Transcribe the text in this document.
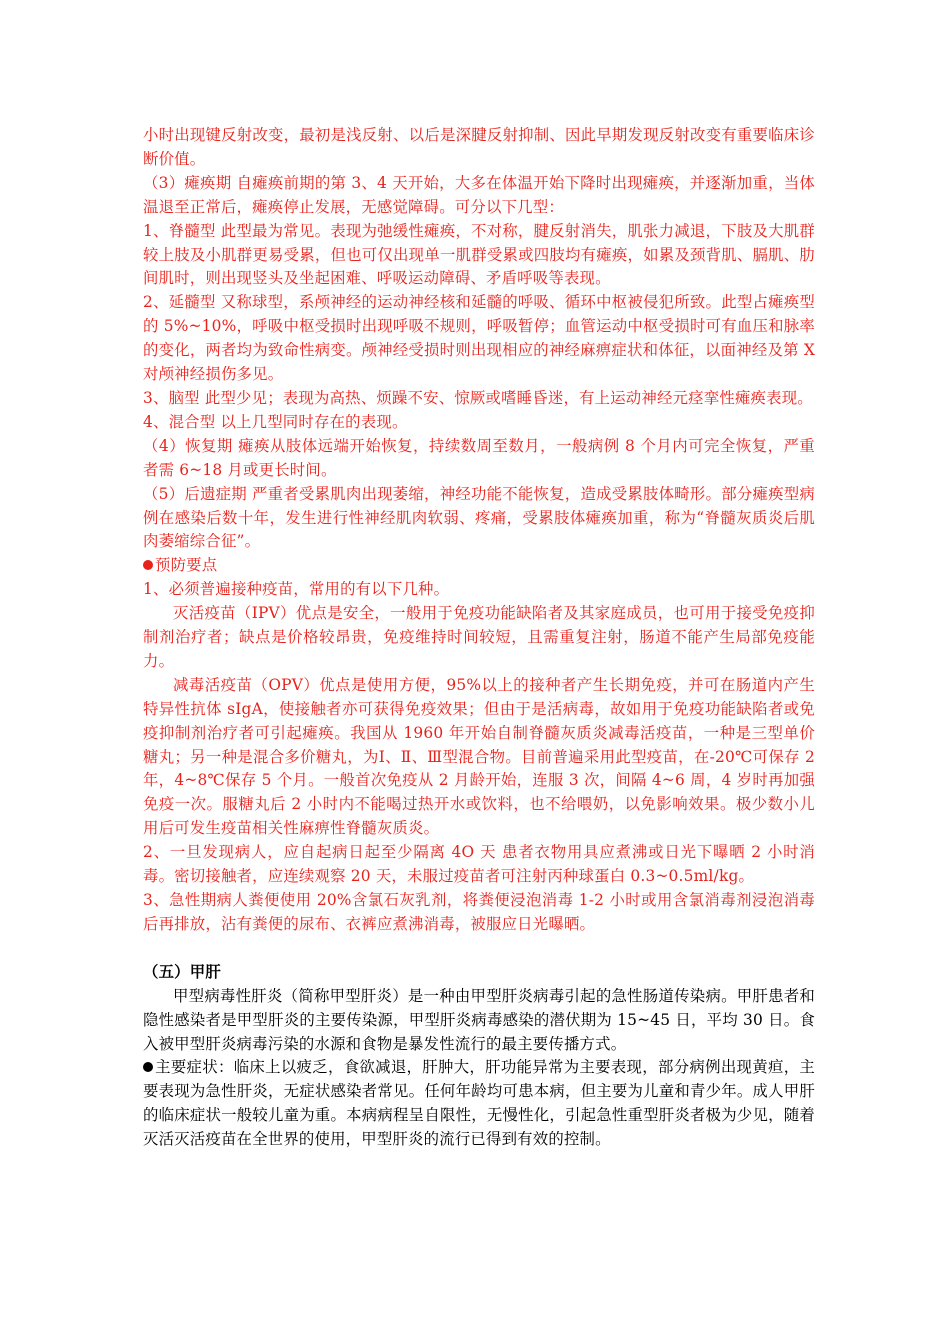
小时出现键反射改变，最初是浅反射、以后是深腱反射抑制、因此早期发现反射改变有重要临床诊断价值。

（3）瘫痪期 自瘫痪前期的第 3、4 天开始，大多在体温开始下降时出现瘫痪，并逐渐加重，当体温退至正常后，瘫痪停止发展，无感觉障碍。可分以下几型：

1、脊髓型 此型最为常见。表现为弛缓性瘫痪，不对称，腱反射消失，肌张力减退，下肢及大肌群较上肢及小肌群更易受累，但也可仅出现单一肌群受累或四肢均有瘫痪，如累及颈背肌、膈肌、肋间肌时，则出现竖头及坐起困难、呼吸运动障碍、矛盾呼吸等表现。

2、延髓型 又称球型，系颅神经的运动神经核和延髓的呼吸、循环中枢被侵犯所致。此型占瘫痪型的 5%~10%，呼吸中枢受损时出现呼吸不规则，呼吸暂停；血管运动中枢受损时可有血压和脉率的变化，两者均为致命性病变。颅神经受损时则出现相应的神经麻痹症状和体征，以面神经及第 X 对颅神经损伤多见。

3、脑型 此型少见；表现为高热、烦躁不安、惊厥或嗜睡昏迷，有上运动神经元痉挛性瘫痪表现。

4、混合型 以上几型同时存在的表现。

（4）恢复期 瘫痪从肢体远端开始恢复，持续数周至数月，一般病例 8 个月内可完全恢复，严重者需 6~18 月或更长时间。

（5）后遗症期 严重者受累肌肉出现萎缩，神经功能不能恢复，造成受累肢体畸形。部分瘫痪型病例在感染后数十年，发生进行性神经肌肉软弱、疼痛，受累肢体瘫痪加重，称为“脊髓灰质炎后肌肉萎缩综合征”。

预防要点

1、必须普遍接种疫苗，常用的有以下几种。

灭活疫苗（IPV）优点是安全，一般用于免疫功能缺陷者及其家庭成员，也可用于接受免疫抑制剂治疗者；缺点是价格较昂贵，免疫维持时间较短，且需重复注射，肠道不能产生局部免疫能力。

减毒活疫苗（OPV）优点是使用方便，95%以上的接种者产生长期免疫，并可在肠道内产生特异性抗体 sIgA，使接触者亦可获得免疫效果；但由于是活病毒，故如用于免疫功能缺陷者或免疫抑制剂治疗者可引起瘫痪。我国从 1960 年开始自制脊髓灰质炎减毒活疫苗，一种是三型单价糖丸；另一种是混合多价糖丸，为Ⅰ、Ⅱ、Ⅲ型混合物。目前普遍采用此型疫苗，在-20℃可保存 2 年，4~8℃保存 5 个月。一般首次免疫从 2 月龄开始，连服 3 次，间隔 4~6 周，4 岁时再加强免疫一次。服糖丸后 2 小时内不能喝过热开水或饮料，也不给喂奶，以免影响效果。极少数小儿用后可发生疫苗相关性麻痹性脊髓灰质炎。

2、一旦发现病人，应自起病日起至少隔离 4O 天 患者衣物用具应煮沸或日光下曝晒 2 小时消毒。密切接触者，应连续观察 20 天，未服过疫苗者可注射丙种球蛋白 0.3~0.5ml/kg。

3、急性期病人粪便使用 20%含氯石灰乳剂，将粪便浸泡消毒 1-2 小时或用含氯消毒剂浸泡消毒后再排放，沾有粪便的尿布、衣裤应煮沸消毒，被服应日光曝晒。

（五）甲肝

甲型病毒性肝炎（简称甲型肝炎）是一种由甲型肝炎病毒引起的急性肠道传染病。甲肝患者和隐性感染者是甲型肝炎的主要传染源，甲型肝炎病毒感染的潜伏期为 15~45 日，平均 30 日。食入被甲型肝炎病毒污染的水源和食物是暴发性流行的最主要传播方式。

主要症状：临床上以疲乏，食欲减退，肝肿大，肝功能异常为主要表现，部分病例出现黄疸，主要表现为急性肝炎，无症状感染者常见。任何年龄均可患本病，但主要为儿童和青少年。成人甲肝的临床症状一般较儿童为重。本病病程呈自限性，无慢性化，引起急性重型肝炎者极为少见，随着灭活灭活疫苗在全世界的使用，甲型肝炎的流行已得到有效的控制。
